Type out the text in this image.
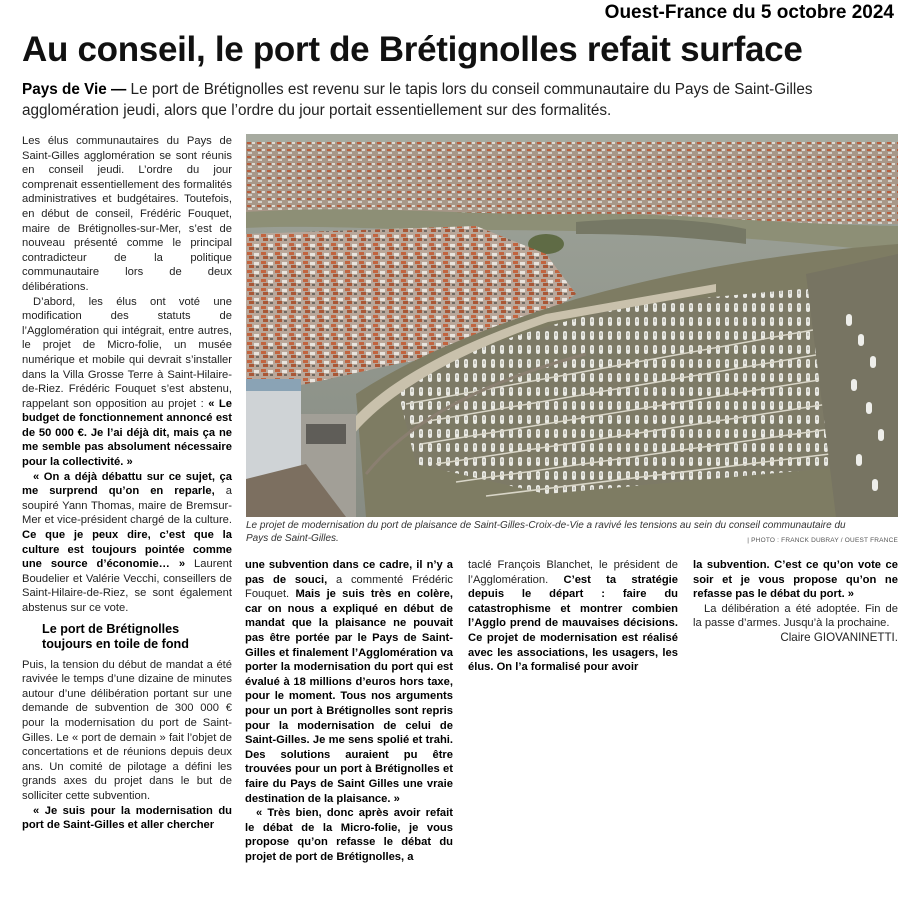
Ouest-France du 5 octobre 2024
Au conseil, le port de Brétignolles refait surface
Pays de Vie — Le port de Brétignolles est revenu sur le tapis lors du conseil communautaire du Pays de Saint-Gilles agglomération jeudi, alors que l’ordre du jour portait essentiellement sur des formalités.

Les élus communautaires du Pays de Saint-Gilles agglomération se sont réunis en conseil jeudi. L’ordre du jour comprenait essentiellement des formalités administratives et budgétaires. Toutefois, en début de conseil, Frédéric Fouquet, maire de Brétignolles-sur-Mer, s’est de nouveau présenté comme le principal contradicteur de la politique communautaire lors de deux délibérations.

D’abord, les élus ont voté une modification des statuts de l’Agglomération qui intégrait, entre autres, le projet de Micro-folie, un musée numérique et mobile qui devrait s’installer dans la Villa Grosse Terre à Saint-Hilaire-de-Riez. Frédéric Fouquet s’est abstenu, rappelant son opposition au projet : « Le budget de fonctionnement annoncé est de 50 000 €. Je l’ai déjà dit, mais ça ne me semble pas absolument nécessaire pour la collectivité. »

« On a déjà débattu sur ce sujet, ça me surprend qu’on en reparle, a soupiré Yann Thomas, maire de Bremsur-Mer et vice-président chargé de la culture. Ce que je peux dire, c’est que la culture est toujours pointée comme une source d’économie… » Laurent Boudelier et Valérie Vecchi, conseillers de Saint-Hilaire-de-Riez, se sont également abstenus sur ce vote.

Le port de Brétignolles toujours en toile de fond

Puis, la tension du début de mandat a été ravivée le temps d’une dizaine de minutes autour d’une délibération portant sur une demande de subvention de 300 000 € pour la modernisation du port de Saint-Gilles. Le « port de demain » fait l’objet de concertations et de réunions depuis deux ans. Un comité de pilotage a défini les grands axes du projet dans le but de solliciter cette subvention.

« Je suis pour la modernisation du port de Saint-Gilles et aller chercher

Le projet de modernisation du port de plaisance de Saint-Gilles-Croix-de-Vie a ravivé les tensions au sein du conseil communautaire du Pays de Saint-Gilles.	| PHOTO : FRANCK DUBRAY / OUEST FRANCE

une subvention dans ce cadre, il n’y a pas de souci, a commenté Frédéric Fouquet. Mais je suis très en colère, car on nous a expliqué en début de mandat que la plaisance ne pouvait pas être portée par le Pays de Saint-Gilles et finalement l’Agglomération va porter la modernisation du port qui est évalué à 18 millions d’euros hors taxe, pour le moment. Tous nos arguments pour un port à Brétignolles sont repris pour la modernisation de celui de Saint-Gilles. Je me sens spolié et trahi. Des solutions auraient pu être trouvées pour un port à Brétignolles et faire du Pays de Saint Gilles une vraie destination de la plaisance. »

« Très bien, donc après avoir refait le débat de la Micro-folie, je vous propose qu’on refasse le débat du projet de port de Brétignolles, a

taclé François Blanchet, le président de l’Agglomération. C’est ta stratégie depuis le départ : faire du catastrophisme et montrer combien l’Agglo prend de mauvaises décisions. Ce projet de modernisation est réalisé avec les associations, les usagers, les élus. On l’a formalisé pour avoir

la subvention. C’est ce qu’on vote ce soir et je vous propose qu’on ne refasse pas le débat du port. »

La délibération a été adoptée. Fin de la passe d’armes. Jusqu’à la prochaine.

Claire GIOVANINETTI.
